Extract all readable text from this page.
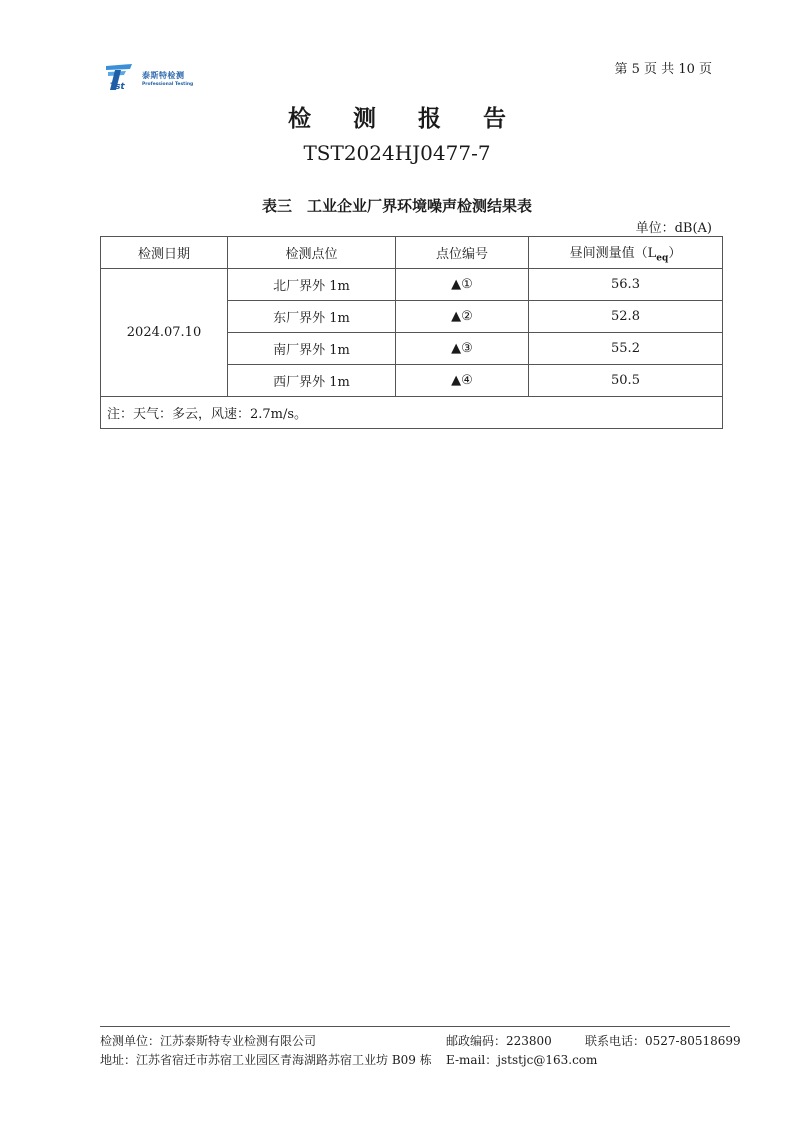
Tst
泰斯特检测
Professional Testing
第 5 页 共 10 页
检 测 报 告
TST2024HJ0477-7
表三　工业企业厂界环境噪声检测结果表
单位：dB(A)
检测日期	检测点位	点位编号	昼间测量值$(L_{eq})$
2024.07.10	北厂界外 1m	▲①	56.3
	东厂界外 1m	▲②	52.8
	南厂界外 1m	▲③	55.2
	西厂界外 1m	▲④	50.5
注：天气：多云，风速：2.7m/s。			
检测单位：江苏泰斯特专业检测有限公司	邮政编码：223800	联系电话：0527-80518699
地址：江苏省宿迁市苏宿工业园区青海湖路苏宿工业坊 B09 栋 E-mail：jststjc@163.com
